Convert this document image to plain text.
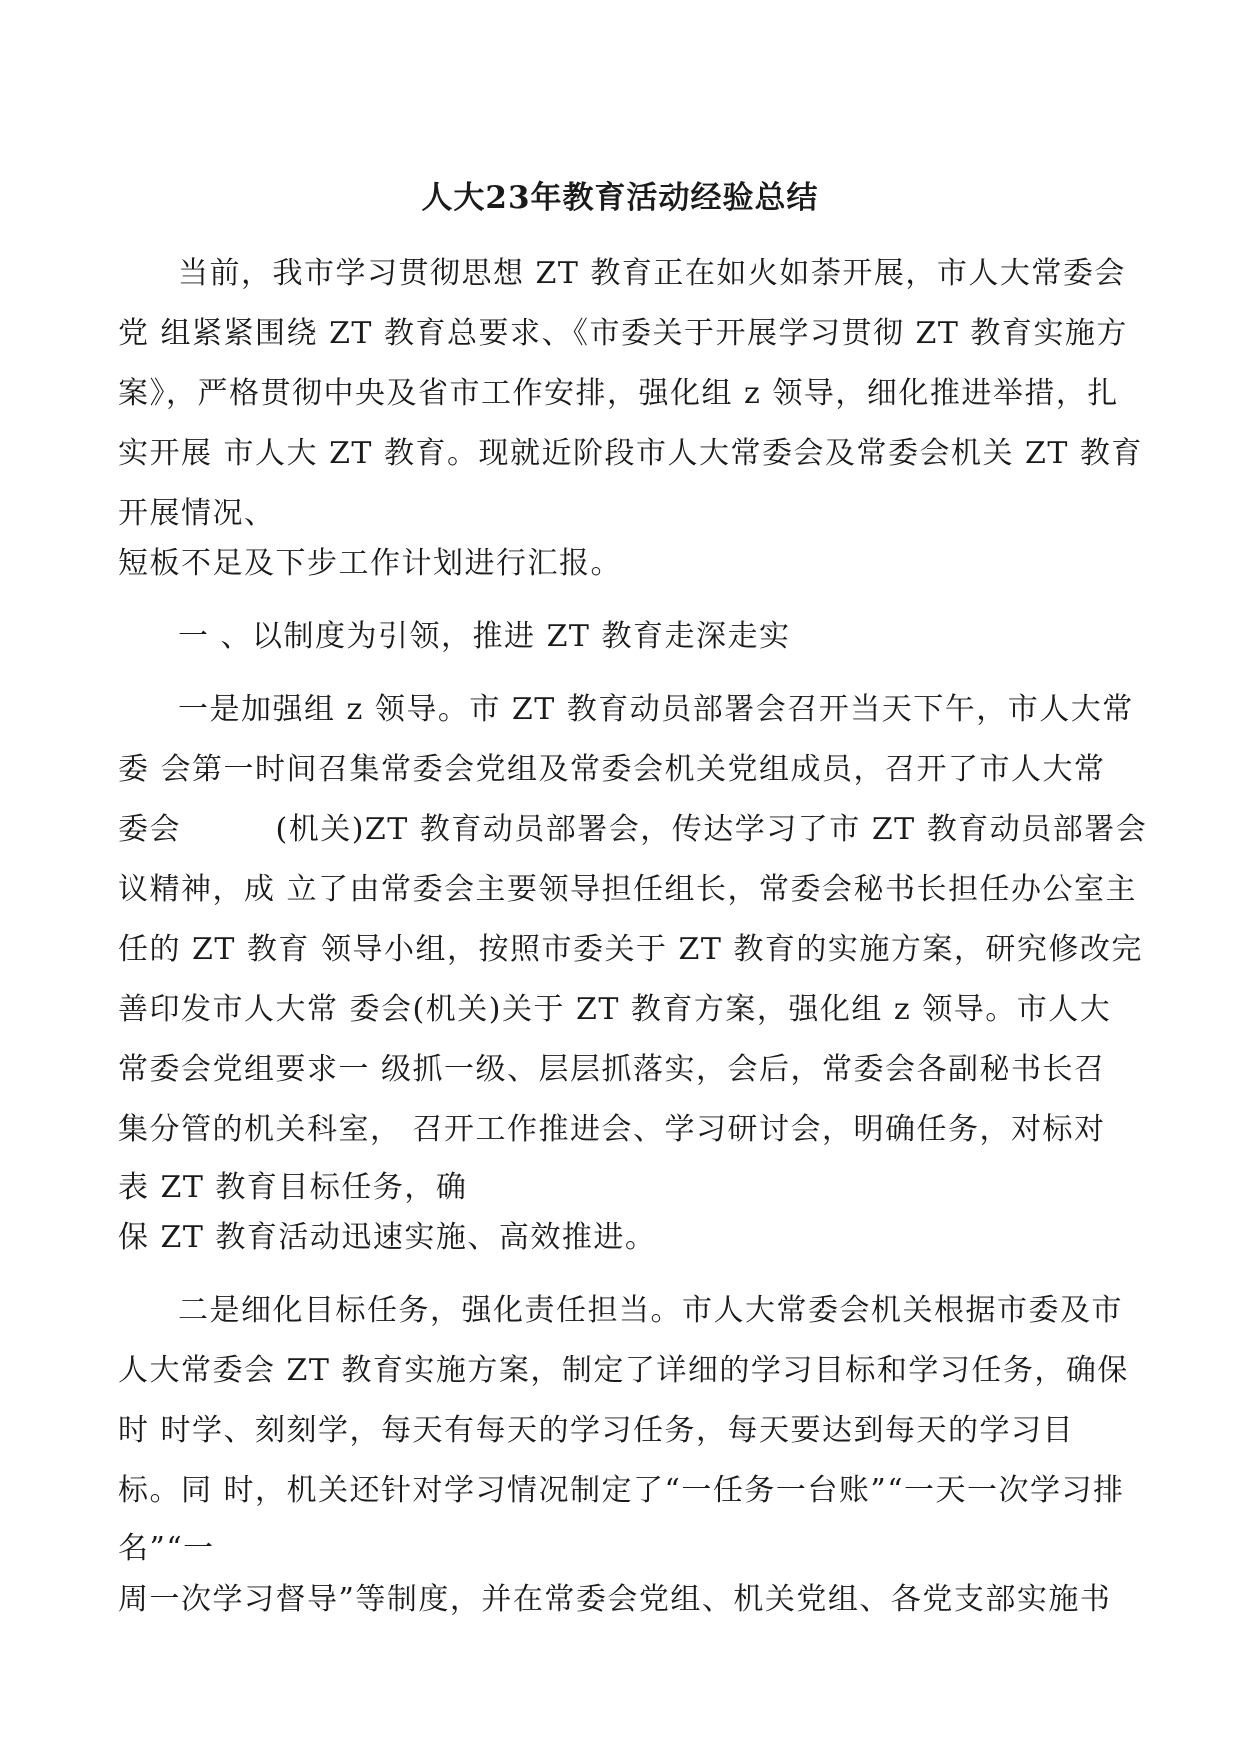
人大23年教育活动经验总结
当前，我市学习贯彻思想 ZT 教育正在如火如荼开展，市人大常委会
党 组紧紧围绕 ZT 教育总要求、《市委关于开展学习贯彻 ZT 教育实施方
案》，严格贯彻中央及省市工作安排，强化组 z 领导，细化推进举措，扎
实开展 市人大 ZT 教育。现就近阶段市人大常委会及常委会机关 ZT 教育
开展情况、
短板不足及下步工作计划进行汇报。
一 、以制度为引领，推进 ZT 教育走深走实
一是加强组 z 领导。市 ZT 教育动员部署会召开当天下午，市人大常
委 会第一时间召集常委会党组及常委会机关党组成员，召开了市人大常
委会　　　(机关)ZT 教育动员部署会，传达学习了市 ZT 教育动员部署会
议精神，成 立了由常委会主要领导担任组长，常委会秘书长担任办公室主
任的 ZT 教育 领导小组，按照市委关于 ZT 教育的实施方案，研究修改完
善印发市人大常 委会(机关)关于 ZT 教育方案，强化组 z 领导。市人大
常委会党组要求一 级抓一级、层层抓落实，会后，常委会各副秘书长召
集分管的机关科室， 召开工作推进会、学习研讨会，明确任务，对标对
表 ZT 教育目标任务，确
保 ZT 教育活动迅速实施、高效推进。
二是细化目标任务，强化责任担当。市人大常委会机关根据市委及市
人大常委会 ZT 教育实施方案，制定了详细的学习目标和学习任务，确保
时 时学、刻刻学，每天有每天的学习任务，每天要达到每天的学习目
标。同 时，机关还针对学习情况制定了“一任务一台账”“一天一次学习排
名”“一
周一次学习督导”等制度，并在常委会党组、机关党组、各党支部实施书
